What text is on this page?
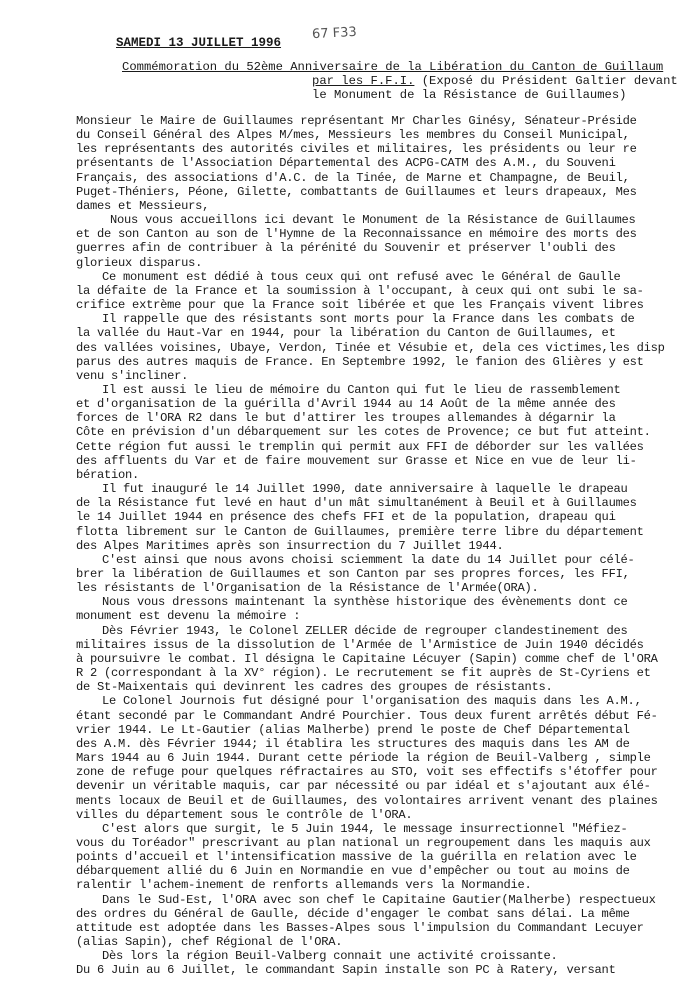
SAMEDI 13 JUILLET 1996
67 F33
Commémoration du 52ème Anniversaire de la Libération du Canton de Guillaum
par les F.F.I. (Exposé du Président Galtier devant
le Monument de la Résistance de Guillaumes)
Monsieur le Maire de Guillaumes représentant Mr Charles Ginésy, Sénateur-Préside
du Conseil Général des Alpes M/mes, Messieurs les membres du Conseil Municipal,
les représentants des autorités civiles et militaires, les présidents ou leur re
présentants de l'Association Départemental des ACPG-CATM des A.M., du Souveni
Français, des associations d'A.C. de la Tinée, de Marne et Champagne, de Beuil,
Puget-Théniers, Péone, Gilette, combattants de Guillaumes et leurs drapeaux, Mes
dames et Messieurs,
Nous vous accueillons ici devant le Monument de la Résistance de Guillaumes
et de son Canton au son de l'Hymne de la Reconnaissance en mémoire des morts des
guerres afin de contribuer à la pérénité du Souvenir et préserver l'oubli des
glorieux disparus.
Ce monument est dédié à tous ceux qui ont refusé avec le Général de Gaulle
la défaite de la France et la soumission à l'occupant, à ceux qui ont subi le sa-
crifice extrème pour que la France soit libérée et que les Français vivent libres
Il rappelle que des résistants sont morts pour la France dans les combats de
la vallée du Haut-Var en 1944, pour la libération du Canton de Guillaumes, et
des vallées voisines, Ubaye, Verdon, Tinée et Vésubie et, dela ces victimes,les disp
parus des autres maquis de France. En Septembre 1992, le fanion des Glières y est
venu s'incliner.
Il est aussi le lieu de mémoire du Canton qui fut le lieu de rassemblement
et d'organisation de la guérilla d'Avril 1944 au 14 Août de la même année des
forces de l'ORA R2 dans le but d'attirer les troupes allemandes à dégarnir la
Côte en prévision d'un débarquement sur les cotes de Provence; ce but fut atteint.
Cette région fut aussi le tremplin qui permit aux FFI de déborder sur les vallées
des affluents du Var et de faire mouvement sur Grasse et Nice en vue de leur li-
bération.
Il fut inauguré le 14 Juillet 1990, date anniversaire à laquelle le drapeau
de la Résistance fut levé en haut d'un mât simultanément à Beuil et à Guillaumes
le 14 Juillet 1944 en présence des chefs FFI et de la population, drapeau qui
flotta librement sur le Canton de Guillaumes, première terre libre du département
des Alpes Maritimes après son insurrection du 7 Juillet 1944.
C'est ainsi que nous avons choisi sciemment la date du 14 Juillet pour célé-
brer la libération de Guillaumes et son Canton par ses propres forces, les FFI,
les résistants de l'Organisation de la Résistance de l'Armée(ORA).
Nous vous dressons maintenant la synthèse historique des évènements dont ce
monument est devenu la mémoire :
Dès Février 1943, le Colonel ZELLER décide de regrouper clandestinement des
militaires issus de la dissolution de l'Armée de l'Armistice de Juin 1940 décidés
à poursuivre le combat. Il désigna le Capitaine Lécuyer (Sapin) comme chef de l'ORA
R 2 (correspondant à la XV° région). Le recrutement se fit auprès de St-Cyriens et
de St-Maixentais qui devinrent les cadres des groupes de résistants.
Le Colonel Journois fut désigné pour l'organisation des maquis dans les A.M.,
étant secondé par le Commandant André Pourchier. Tous deux furent arrêtés début Fé-
vrier 1944. Le Lt-Gautier (alias Malherbe) prend le poste de Chef Départemental
des A.M. dès Février 1944; il établira les structures des maquis dans les AM de
Mars 1944 au 6 Juin 1944. Durant cette période la région de Beuil-Valberg , simple
zone de refuge pour quelques réfractaires au STO, voit ses effectifs s'étoffer pour
devenir un véritable maquis, car par nécessité ou par idéal et s'ajoutant aux élé-
ments locaux de Beuil et de Guillaumes, des volontaires arrivent venant des plaines
villes du département sous le contrôle de l'ORA.
C'est alors que surgit, le 5 Juin 1944, le message insurrectionnel "Méfiez-
vous du Toréador" prescrivant au plan national un regroupement dans les maquis aux
points d'accueil et l'intensification massive de la guérilla en relation avec le
débarquement allié du 6 Juin en Normandie en vue d'empêcher ou tout au moins de
ralentir l'achem-inement de renforts allemands vers la Normandie.
Dans le Sud-Est, l'ORA avec son chef le Capitaine Gautier(Malherbe) respectueux
des ordres du Général de Gaulle, décide d'engager le combat sans délai. La même
attitude est adoptée dans les Basses-Alpes sous l'impulsion du Commandant Lecuyer
(alias Sapin), chef Régional de l'ORA.
Dès lors la région Beuil-Valberg connait une activité croissante.
Du 6 Juin au 6 Juillet, le commandant Sapin installe son PC à Ratery, versant
